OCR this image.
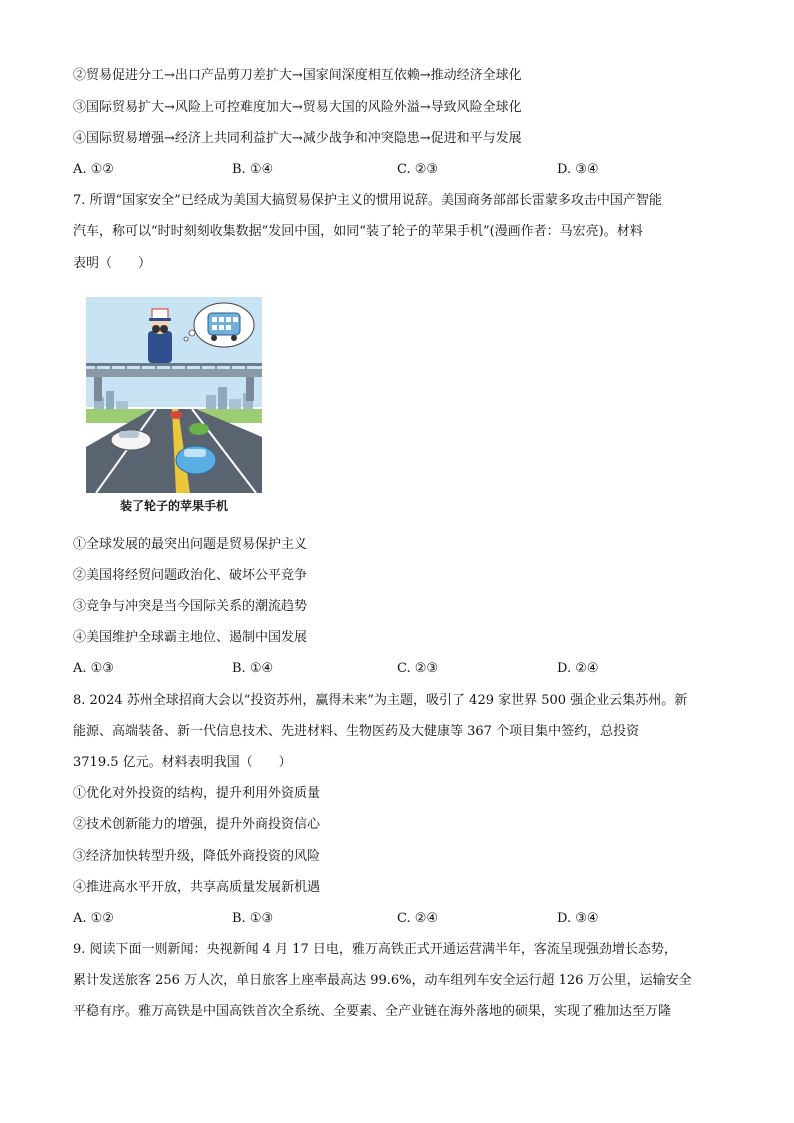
②贸易促进分工→出口产品剪刀差扩大→国家间深度相互依赖→推动经济全球化
③国际贸易扩大→风险上可控难度加大→贸易大国的风险外溢→导致风险全球化
④国际贸易增强→经济上共同利益扩大→减少战争和冲突隐患→促进和平与发展
A. ①②	B. ①④	C. ②③	D. ③④
7. 所谓“国家安全”已经成为美国大搞贸易保护主义的惯用说辞。美国商务部部长雷蒙多攻击中国产智能
汽车，称可以“时时刻刻收集数据”发回中国，如同“装了轮子的苹果手机”(漫画作者：马宏亮)。材料
表明（　　）
装了轮子的苹果手机
①全球发展的最突出问题是贸易保护主义
②美国将经贸问题政治化、破坏公平竞争
③竞争与冲突是当今国际关系的潮流趋势
④美国维护全球霸主地位、遏制中国发展
A. ①③	B. ①④	C. ②③	D. ②④
8. 2024 苏州全球招商大会以“投资苏州，赢得未来”为主题，吸引了 429 家世界 500 强企业云集苏州。新
能源、高端装备、新一代信息技术、先进材料、生物医药及大健康等 367 个项目集中签约，总投资
3719.5 亿元。材料表明我国（　　）
①优化对外投资的结构，提升利用外资质量
②技术创新能力的增强，提升外商投资信心
③经济加快转型升级，降低外商投资的风险
④推进高水平开放，共享高质量发展新机遇
A. ①②	B. ①③	C. ②④	D. ③④
9. 阅读下面一则新闻：央视新闻 4 月 17 日电，雅万高铁正式开通运营满半年，客流呈现强劲增长态势，
累计发送旅客 256 万人次，单日旅客上座率最高达 99.6%，动车组列车安全运行超 126 万公里，运输安全
平稳有序。雅万高铁是中国高铁首次全系统、全要素、全产业链在海外落地的硕果，实现了雅加达至万隆
